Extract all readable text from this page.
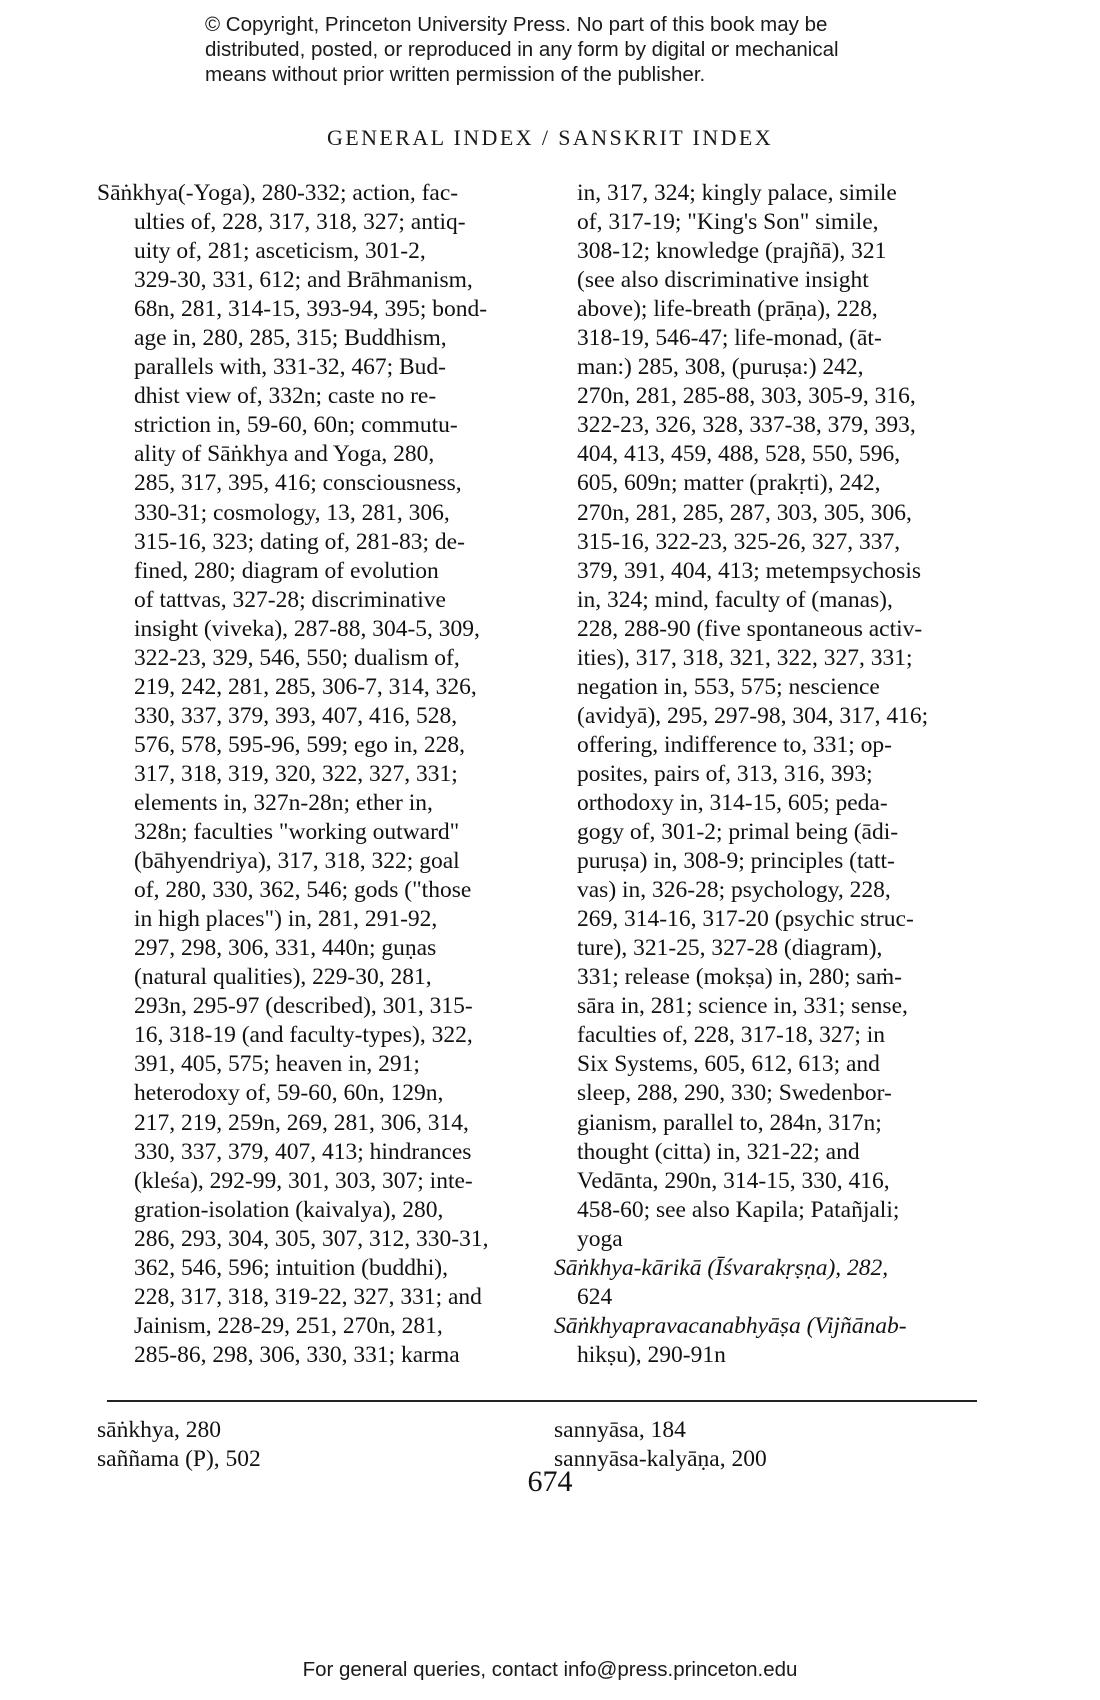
© Copyright, Princeton University Press. No part of this book may be
distributed, posted, or reproduced in any form by digital or mechanical
means without prior written permission of the publisher.
GENERAL INDEX / SANSKRIT INDEX
Sāṅkhya(-Yoga), 280-332; action, fac-
ulties of, 228, 317, 318, 327; antiq-
uity of, 281; asceticism, 301-2,
329-30, 331, 612; and Brāhmanism,
68n, 281, 314-15, 393-94, 395; bond-
age in, 280, 285, 315; Buddhism,
parallels with, 331-32, 467; Bud-
dhist view of, 332n; caste no re-
striction in, 59-60, 60n; commutu-
ality of Sāṅkhya and Yoga, 280,
285, 317, 395, 416; consciousness,
330-31; cosmology, 13, 281, 306,
315-16, 323; dating of, 281-83; de-
fined, 280; diagram of evolution
of tattvas, 327-28; discriminative
insight (viveka), 287-88, 304-5, 309,
322-23, 329, 546, 550; dualism of,
219, 242, 281, 285, 306-7, 314, 326,
330, 337, 379, 393, 407, 416, 528,
576, 578, 595-96, 599; ego in, 228,
317, 318, 319, 320, 322, 327, 331;
elements in, 327n-28n; ether in,
328n; faculties "working outward"
(bāhyendriya), 317, 318, 322; goal
of, 280, 330, 362, 546; gods ("those
in high places") in, 281, 291-92,
297, 298, 306, 331, 440n; guṇas
(natural qualities), 229-30, 281,
293n, 295-97 (described), 301, 315-
16, 318-19 (and faculty-types), 322,
391, 405, 575; heaven in, 291;
heterodoxy of, 59-60, 60n, 129n,
217, 219, 259n, 269, 281, 306, 314,
330, 337, 379, 407, 413; hindrances
(kleśa), 292-99, 301, 303, 307; inte-
gration-isolation (kaivalya), 280,
286, 293, 304, 305, 307, 312, 330-31,
362, 546, 596; intuition (buddhi),
228, 317, 318, 319-22, 327, 331; and
Jainism, 228-29, 251, 270n, 281,
285-86, 298, 306, 330, 331; karma
in, 317, 324; kingly palace, simile
of, 317-19; "King's Son" simile,
308-12; knowledge (prajñā), 321
(see also discriminative insight
above); life-breath (prāṇa), 228,
318-19, 546-47; life-monad, (āt-
man:) 285, 308, (puruṣa:) 242,
270n, 281, 285-88, 303, 305-9, 316,
322-23, 326, 328, 337-38, 379, 393,
404, 413, 459, 488, 528, 550, 596,
605, 609n; matter (prakṛti), 242,
270n, 281, 285, 287, 303, 305, 306,
315-16, 322-23, 325-26, 327, 337,
379, 391, 404, 413; metempsychosis
in, 324; mind, faculty of (manas),
228, 288-90 (five spontaneous activ-
ities), 317, 318, 321, 322, 327, 331;
negation in, 553, 575; nescience
(avidyā), 295, 297-98, 304, 317, 416;
offering, indifference to, 331; op-
posites, pairs of, 313, 316, 393;
orthodoxy in, 314-15, 605; peda-
gogy of, 301-2; primal being (ādi-
puruṣa) in, 308-9; principles (tatt-
vas) in, 326-28; psychology, 228,
269, 314-16, 317-20 (psychic struc-
ture), 321-25, 327-28 (diagram),
331; release (mokṣa) in, 280; saṁ-
sāra in, 281; science in, 331; sense,
faculties of, 228, 317-18, 327; in
Six Systems, 605, 612, 613; and
sleep, 288, 290, 330; Swedenbor-
gianism, parallel to, 284n, 317n;
thought (citta) in, 321-22; and
Vedānta, 290n, 314-15, 330, 416,
458-60; see also Kapila; Patañjali;
yoga
Sāṅkhya-kārikā (Īśvarakṛṣṇa), 282,
624
Sāṅkhyapravacanabhyāṣa (Vijñānab-
hikṣu), 290-91n
sāṅkhya, 280
saññama (P), 502
sannyāsa, 184
sannyāsa-kalyāṇa, 200
674
For general queries, contact info@press.princeton.edu
